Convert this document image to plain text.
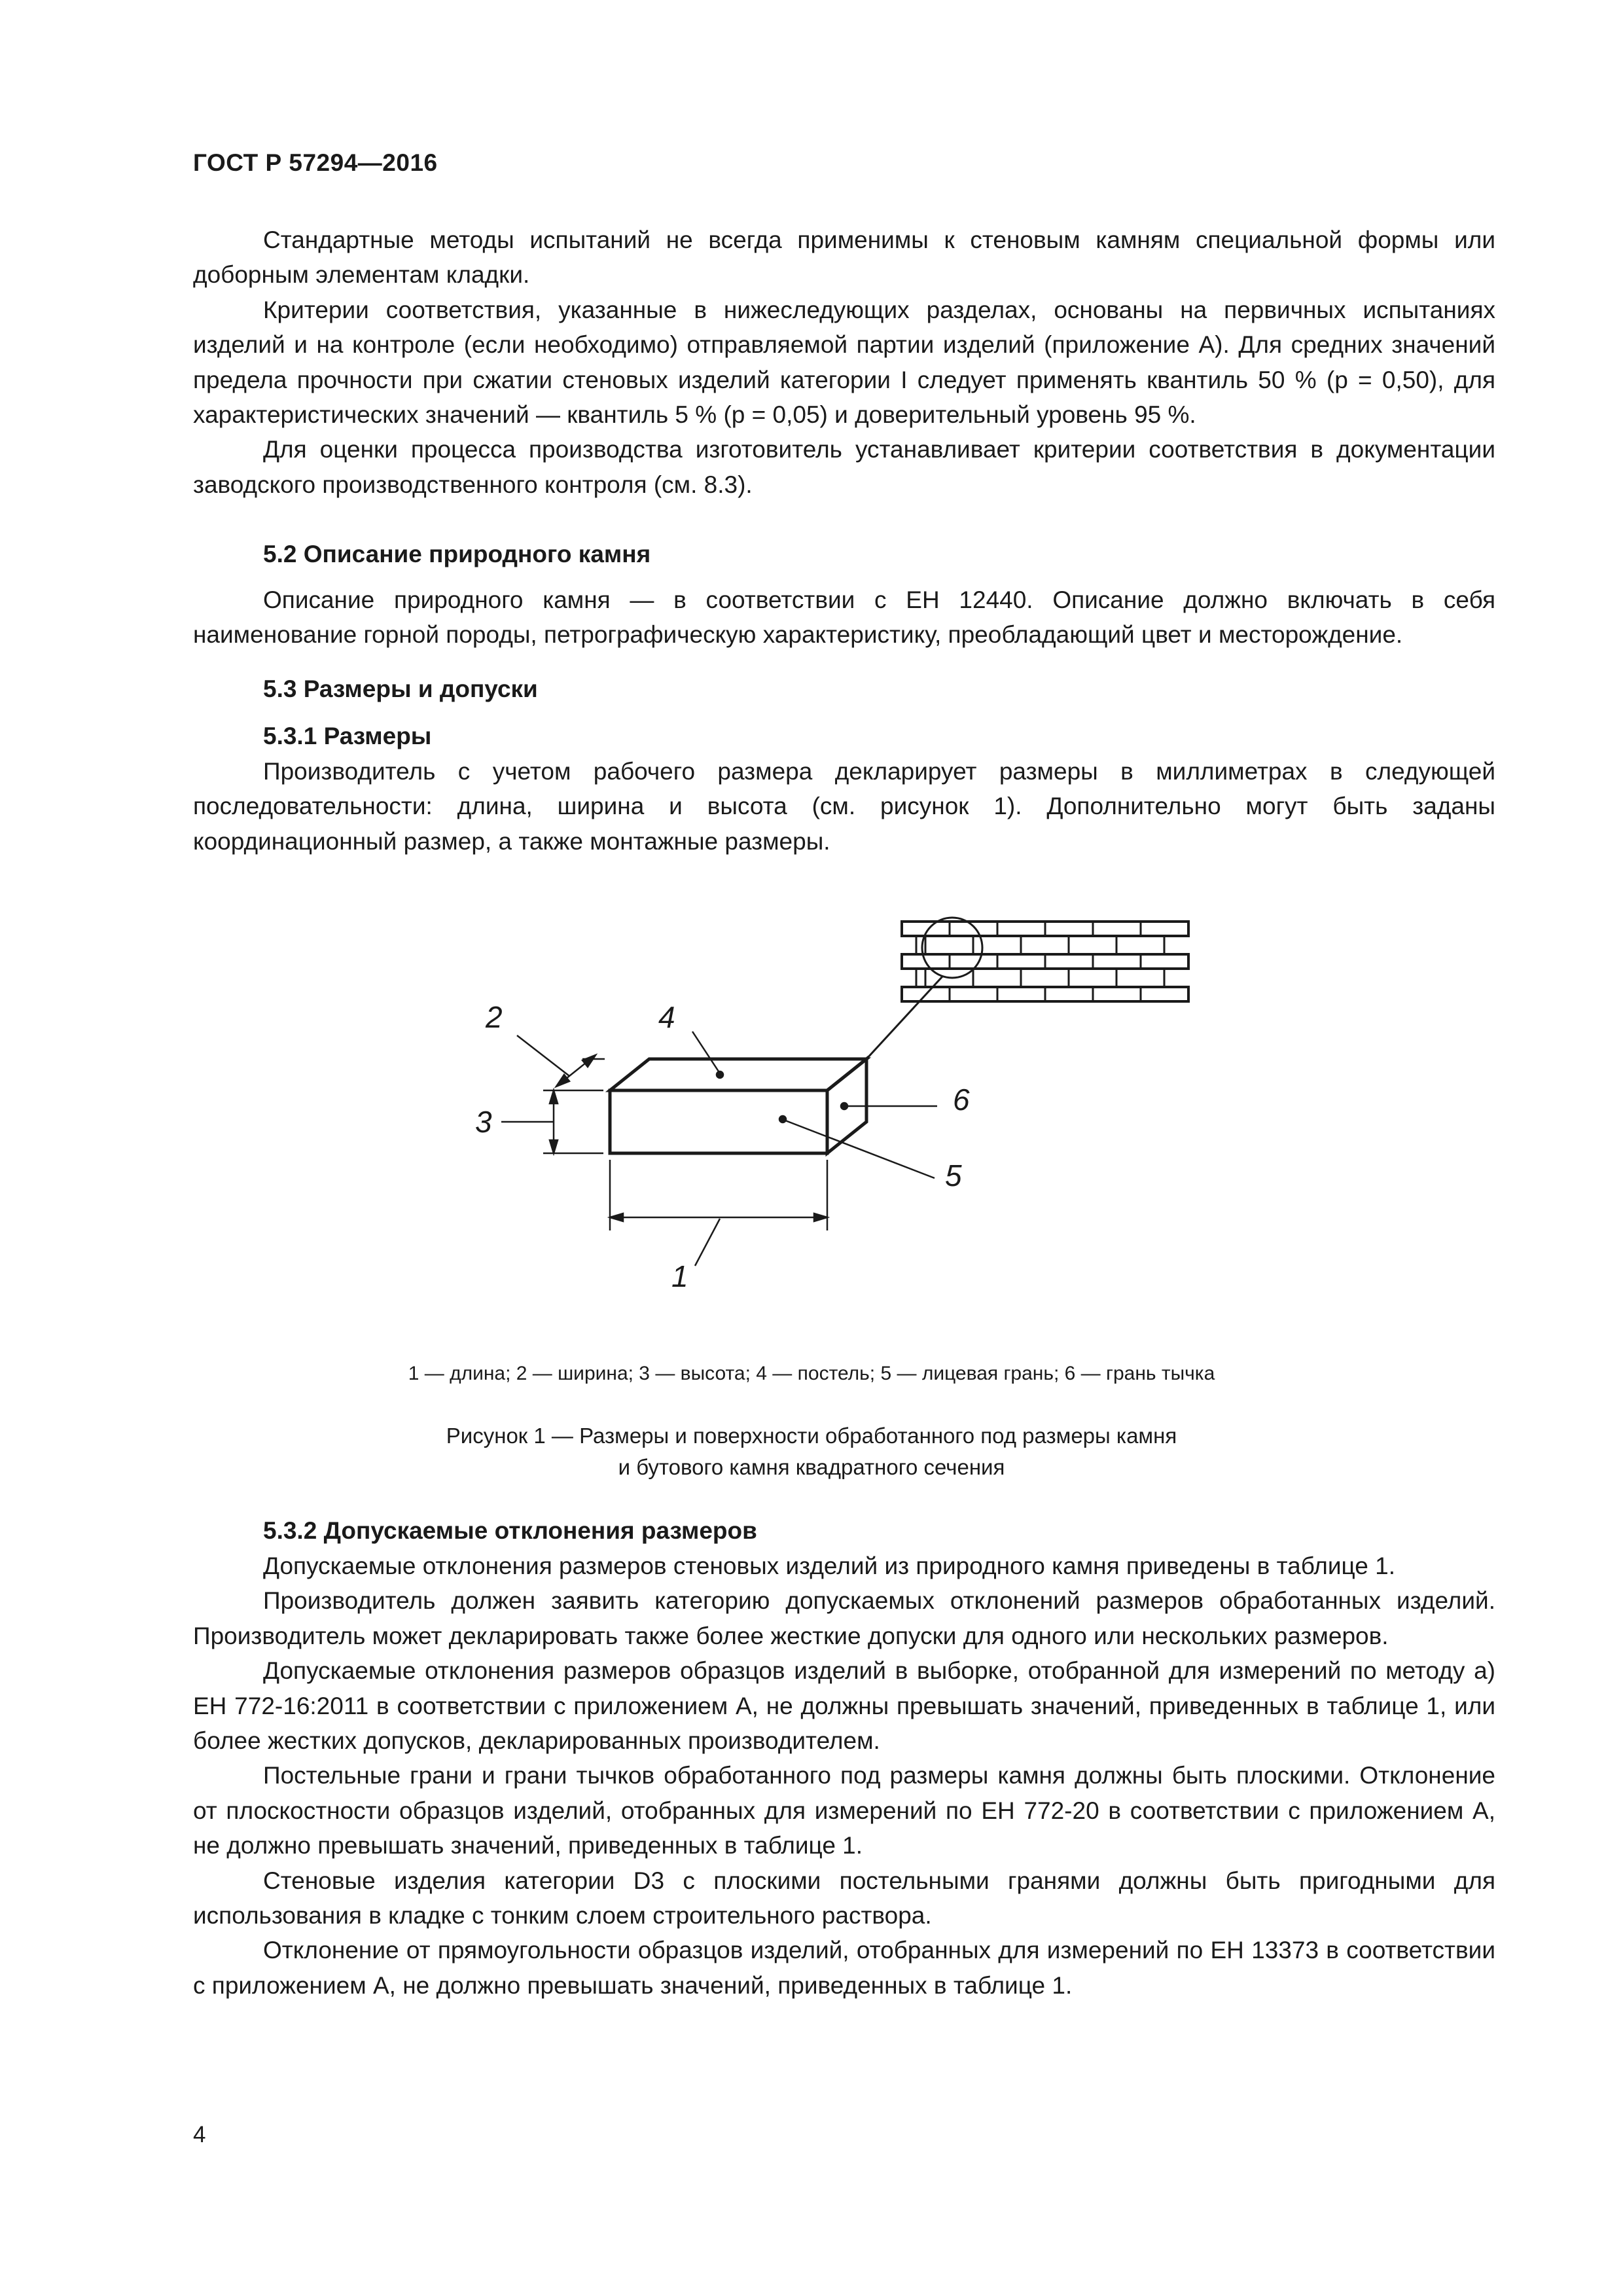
ГОСТ Р 57294—2016

Стандартные методы испытаний не всегда применимы к стеновым камням специальной формы или доборным элементам кладки.

Критерии соответствия, указанные в нижеследующих разделах, основаны на первичных испытаниях изделий и на контроле (если необходимо) отправляемой партии изделий (приложение А). Для средних значений предела прочности при сжатии стеновых изделий категории I следует применять квантиль 50 % (p = 0,50), для характеристических значений — квантиль 5 % (p = 0,05) и доверительный уровень 95 %.

Для оценки процесса производства изготовитель устанавливает критерии соответствия в документации заводского производственного контроля (см. 8.3).

5.2 Описание природного камня

Описание природного камня — в соответствии с ЕН 12440. Описание должно включать в себя наименование горной породы, петрографическую характеристику, преобладающий цвет и месторождение.

5.3 Размеры и допуски

5.3.1 Размеры

Производитель с учетом рабочего размера декларирует размеры в миллиметрах в следующей последовательности: длина, ширина и высота (см. рисунок 1). Дополнительно могут быть заданы координационный размер, а также монтажные размеры.

2	4
3
6
5
1
1 — длина; 2 — ширина; 3 — высота; 4 — постель; 5 — лицевая грань; 6 — грань тычка
Рисунок 1 — Размеры и поверхности обработанного под размеры камня
и бутового камня квадратного сечения

5.3.2 Допускаемые отклонения размеров

Допускаемые отклонения размеров стеновых изделий из природного камня приведены в таблице 1.

Производитель должен заявить категорию допускаемых отклонений размеров обработанных изделий. Производитель может декларировать также более жесткие допуски для одного или нескольких размеров.

Допускаемые отклонения размеров образцов изделий в выборке, отобранной для измерений по методу а) ЕН 772-16:2011 в соответствии с приложением А, не должны превышать значений, приведенных в таблице 1, или более жестких допусков, декларированных производителем.

Постельные грани и грани тычков обработанного под размеры камня должны быть плоскими. Отклонение от плоскостности образцов изделий, отобранных для измерений по ЕН 772-20 в соответствии с приложением А, не должно превышать значений, приведенных в таблице 1.

Стеновые изделия категории D3 с плоскими постельными гранями должны быть пригодными для использования в кладке с тонким слоем строительного раствора.

Отклонение от прямоугольности образцов изделий, отобранных для измерений по ЕН 13373 в соответствии с приложением А, не должно превышать значений, приведенных в таблице 1.

4
